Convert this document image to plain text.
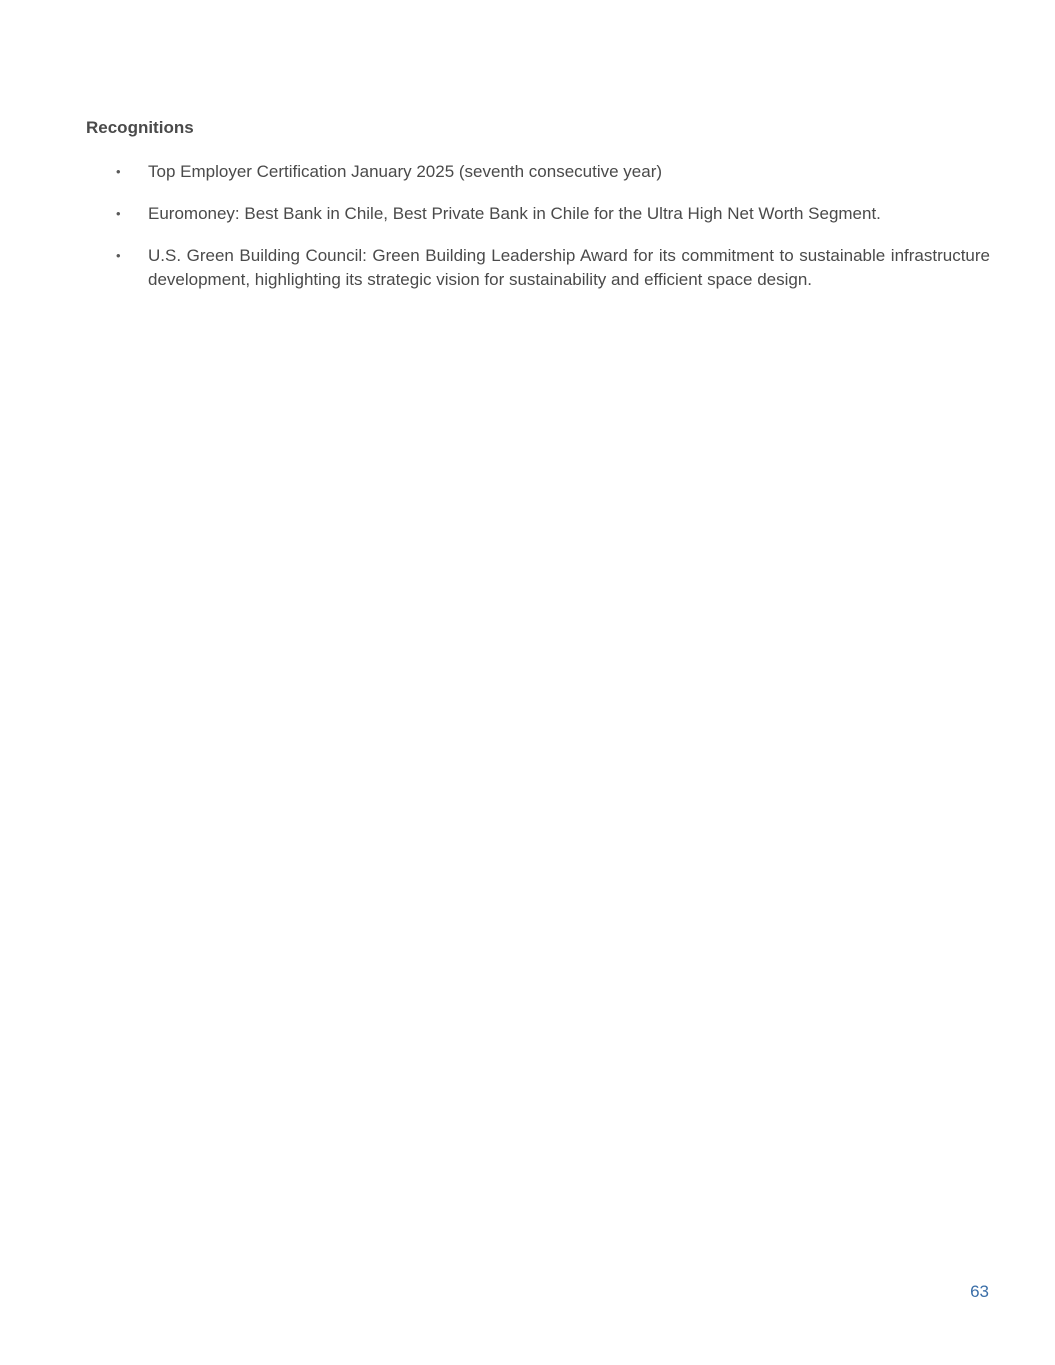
Recognitions
•	Top Employer Certification January 2025 (seventh consecutive year)
•	Euromoney: Best Bank in Chile, Best Private Bank in Chile for the Ultra High Net Worth Segment.
•	U.S. Green Building Council: Green Building Leadership Award for its commitment to sustainable infrastructure development, highlighting its strategic vision for sustainability and efficient space design.
63
